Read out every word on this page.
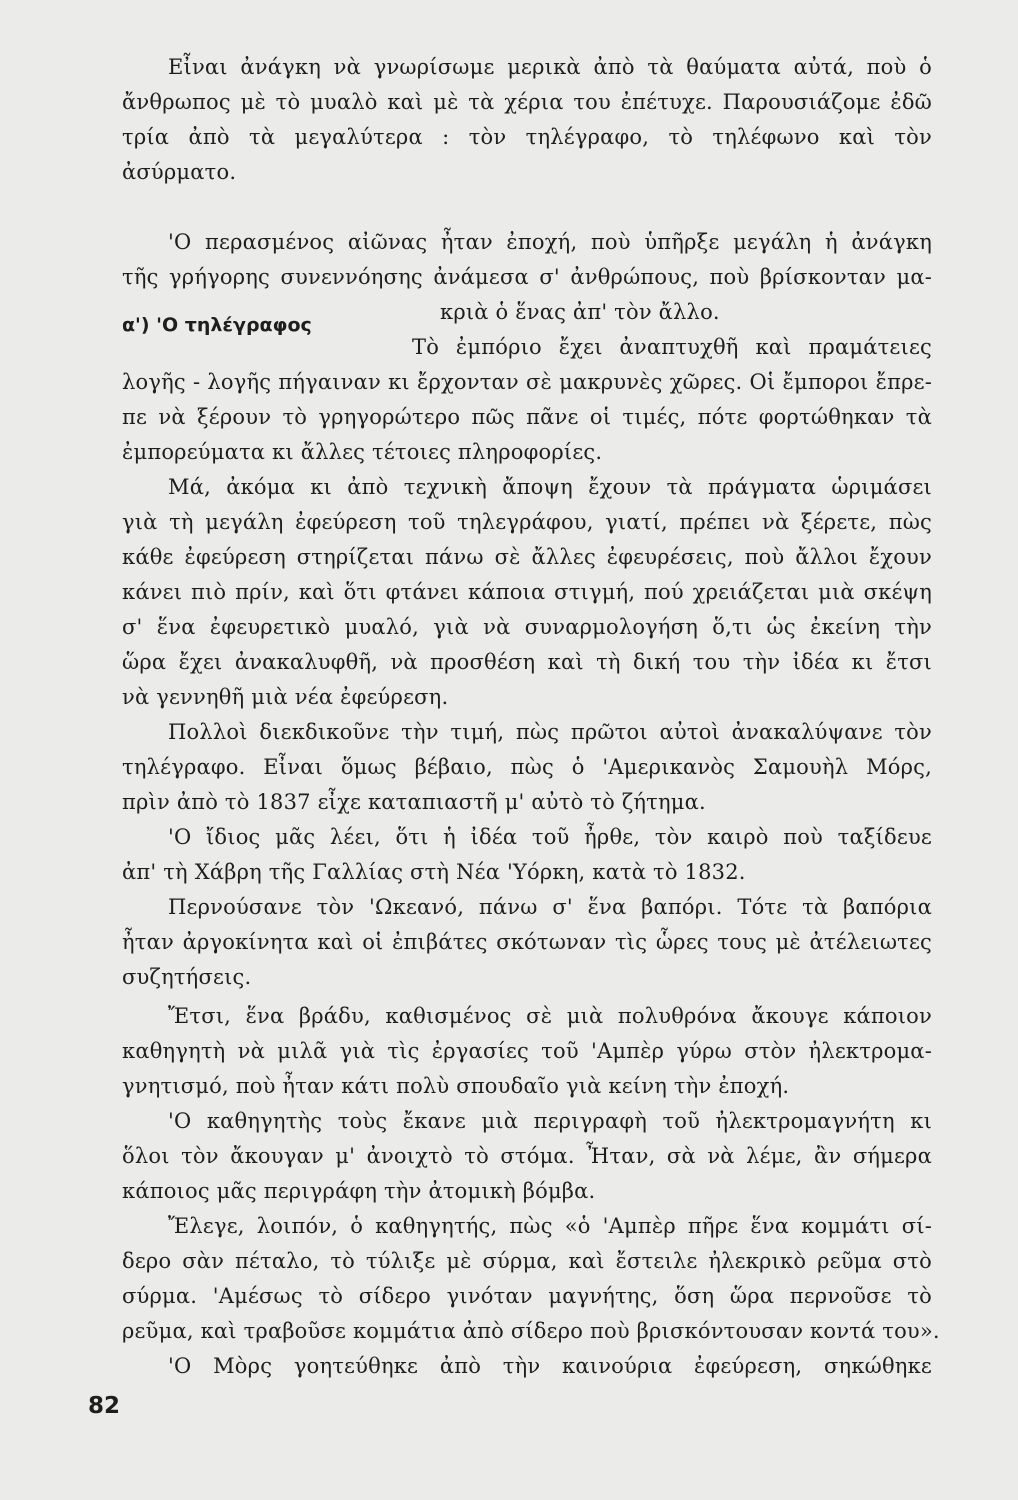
α') 'Ο τηλέγραφος
Εἶναι ἀνάγκη νὰ γνωρίσωμε μερικὰ ἀπὸ τὰ θαύματα αὐτά, ποὺ ὁ
ἄνθρωπος μὲ τὸ μυαλὸ καὶ μὲ τὰ χέρια του ἐπέτυχε. Παρουσιάζομε ἐδῶ
τρία ἀπὸ τὰ μεγαλύτερα : τὸν τηλέγραφο, τὸ τηλέφωνο καὶ τὸν
ἀσύρματο.
'Ο περασμένος αἰῶνας ἦταν ἐποχή, ποὺ ὑπῆρξε μεγάλη ἡ ἀνάγκη
τῆς γρήγορης συνεννόησης ἀνάμεσα σ' ἀνθρώπους, ποὺ βρίσκονταν μα-
κριὰ ὁ ἕνας ἀπ' τὸν ἄλλο.
Τὸ ἐμπόριο ἔχει ἀναπτυχθῆ καὶ πραμάτειες
λογῆς - λογῆς πήγαιναν κι ἔρχονταν σὲ μακρυνὲς χῶρες. Οἱ ἔμποροι ἔπρε-
πε νὰ ξέρουν τὸ γρηγορώτερο πῶς πᾶνε οἱ τιμές, πότε φορτώθηκαν τὰ
ἐμπορεύματα κι ἄλλες τέτοιες πληροφορίες.
Μά, ἀκόμα κι ἀπὸ τεχνικὴ ἄποψη ἔχουν τὰ πράγματα ὡριμάσει
γιὰ τὴ μεγάλη ἐφεύρεση τοῦ τηλεγράφου, γιατί, πρέπει νὰ ξέρετε, πὼς
κάθε ἐφεύρεση στηρίζεται πάνω σὲ ἄλλες ἐφευρέσεις, ποὺ ἄλλοι ἔχουν
κάνει πιὸ πρίν, καὶ ὅτι φτάνει κάποια στιγμή, πού χρειάζεται μιὰ σκέψη
σ' ἕνα ἐφευρετικὸ μυαλό, γιὰ νὰ συναρμολογήση ὅ,τι ὡς ἐκείνη τὴν
ὥρα ἔχει ἀνακαλυφθῆ, νὰ προσθέση καὶ τὴ δική του τὴν ἰδέα κι ἔτσι
νὰ γεννηθῆ μιὰ νέα ἐφεύρεση.
Πολλοὶ διεκδικοῦνε τὴν τιμή, πὼς πρῶτοι αὐτοὶ ἀνακαλύψανε τὸν
τηλέγραφο. Εἶναι ὅμως βέβαιο, πὼς ὁ 'Αμερικανὸς Σαμουὴλ Μόρς,
πρὶν ἀπὸ τὸ 1837 εἶχε καταπιαστῆ μ' αὐτὸ τὸ ζήτημα.
'Ο ἴδιος μᾶς λέει, ὅτι ἡ ἰδέα τοῦ ἦρθε, τὸν καιρὸ ποὺ ταξίδευε
ἀπ' τὴ Χάβρη τῆς Γαλλίας στὴ Νέα 'Υόρκη, κατὰ τὸ 1832.
Περνούσανε τὸν 'Ωκεανό, πάνω σ' ἕνα βαπόρι. Τότε τὰ βαπόρια
ἦταν ἀργοκίνητα καὶ οἱ ἐπιβάτες σκότωναν τὶς ὧρες τους μὲ ἀτέλειωτες
συζητήσεις.
Ἔτσι, ἕνα βράδυ, καθισμένος σὲ μιὰ πολυθρόνα ἄκουγε κάποιον
καθηγητὴ νὰ μιλᾶ γιὰ τὶς ἐργασίες τοῦ 'Αμπὲρ γύρω στὸν ἠλεκτρομα-
γνητισμό, ποὺ ἦταν κάτι πολὺ σπουδαῖο γιὰ κείνη τὴν ἐποχή.
'Ο καθηγητὴς τοὺς ἔκανε μιὰ περιγραφὴ τοῦ ἠλεκτρομαγνήτη κι
ὅλοι τὸν ἄκουγαν μ' ἀνοιχτὸ τὸ στόμα. Ἦταν, σὰ νὰ λέμε, ἂν σήμερα
κάποιος μᾶς περιγράφη τὴν ἀτομικὴ βόμβα.
Ἔλεγε, λοιπόν, ὁ καθηγητής, πὼς «ὁ 'Αμπὲρ πῆρε ἕνα κομμάτι σί-
δερο σὰν πέταλο, τὸ τύλιξε μὲ σύρμα, καὶ ἔστειλε ἠλεκρικὸ ρεῦμα στὸ
σύρμα. 'Αμέσως τὸ σίδερο γινόταν μαγνήτης, ὅση ὥρα περνοῦσε τὸ
ρεῦμα, καὶ τραβοῦσε κομμάτια ἀπὸ σίδερο ποὺ βρισκόντουσαν κοντά του».
'Ο Μὸρς γοητεύθηκε ἀπὸ τὴν καινούρια ἐφεύρεση, σηκώθηκε
82
